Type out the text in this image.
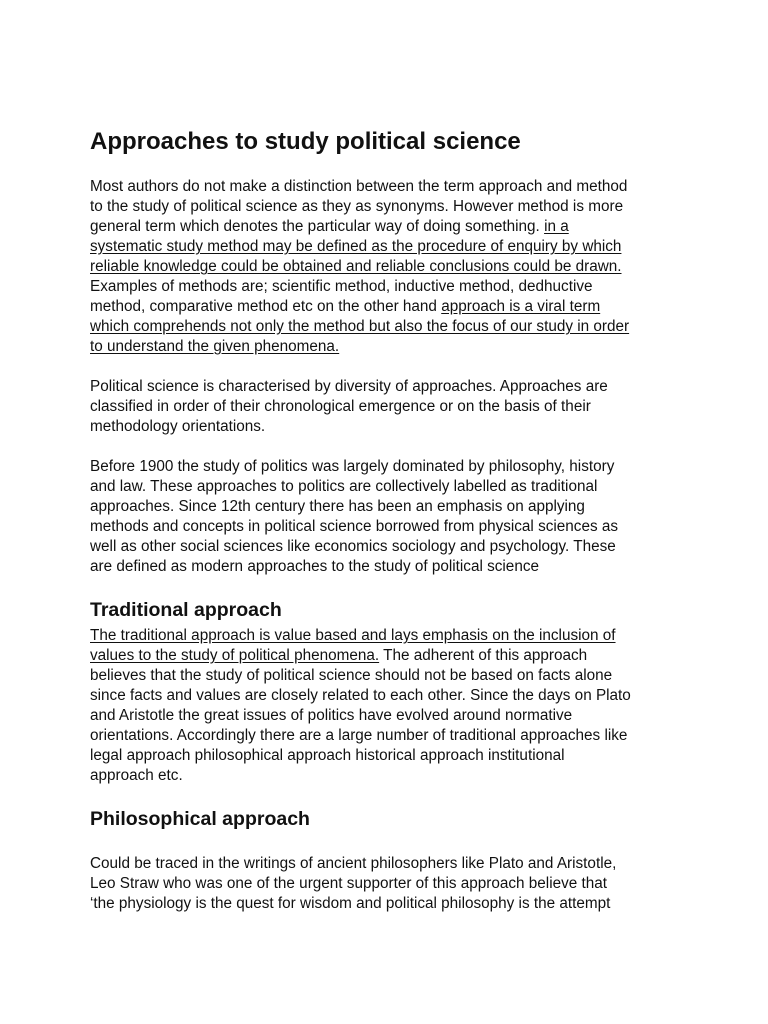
Approaches to study political science
Most authors do not make a distinction between the term approach and method
to the study of political science as they as synonyms. However method is more
general term which denotes the particular way of doing something. in a
systematic study method may be defined as the procedure of enquiry by which
reliable knowledge could be obtained and reliable conclusions could be drawn.
Examples of methods are; scientific method, inductive method, dedhuctive
method, comparative method etc on the other hand approach is a viral term
which comprehends not only the method but also the focus of our study in order
to understand the given phenomena.
Political science is characterised by diversity of approaches. Approaches are
classified in order of their chronological emergence or on the basis of their
methodology orientations.
Before 1900 the study of politics was largely dominated by philosophy, history
and law. These approaches to politics are collectively labelled as traditional
approaches. Since 12th century there has been an emphasis on applying
methods and concepts in political science borrowed from physical sciences as
well as other social sciences like economics sociology and psychology. These
are defined as modern approaches to the study of political science
Traditional approach
The traditional approach is value based and lays emphasis on the inclusion of
values to the study of political phenomena. The adherent of this approach
believes that the study of political science should not be based on facts alone
since facts and values are closely related to each other. Since the days on Plato
and Aristotle the great issues of politics have evolved around normative
orientations. Accordingly there are a large number of traditional approaches like
legal approach philosophical approach historical approach institutional
approach etc.
Philosophical approach
Could be traced in the writings of ancient philosophers like Plato and Aristotle,
Leo Straw who was one of the urgent supporter of this approach believe that
‘the physiology is the quest for wisdom and political philosophy is the attempt
